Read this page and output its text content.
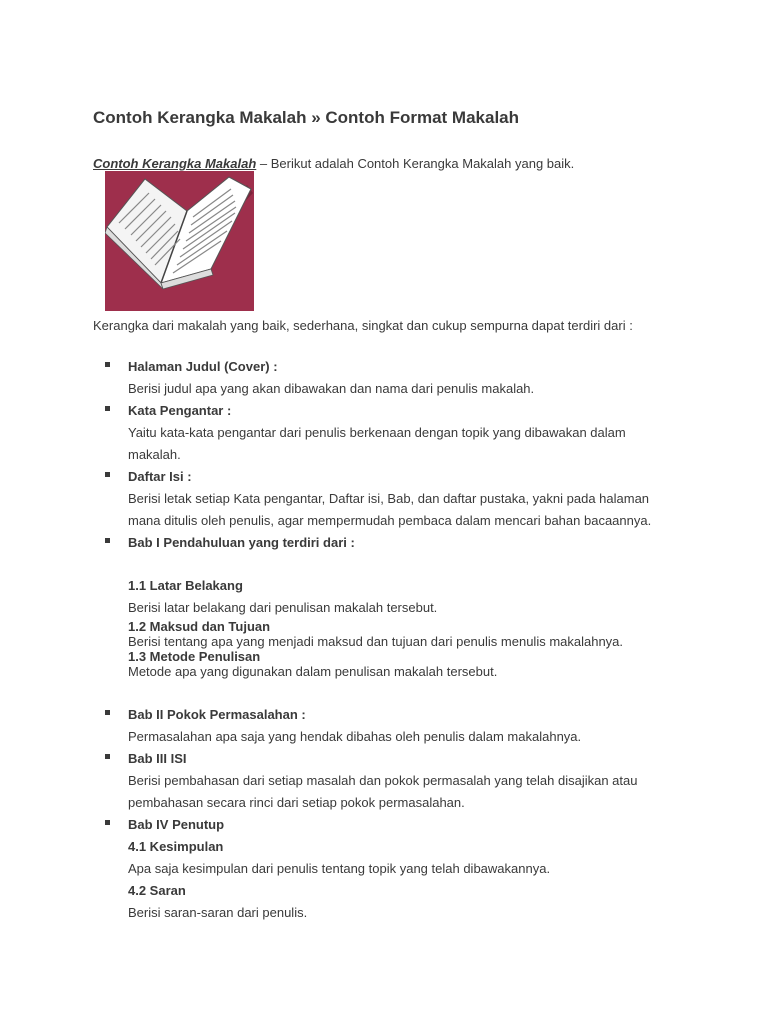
Contoh Kerangka Makalah » Contoh Format Makalah
Contoh Kerangka Makalah – Berikut adalah Contoh Kerangka Makalah yang baik.
Kerangka dari makalah yang baik, sederhana, singkat dan cukup sempurna dapat terdiri dari :
Halaman Judul (Cover) :
Berisi judul apa yang akan dibawakan dan nama dari penulis makalah.
Kata Pengantar :
Yaitu kata-kata pengantar dari penulis berkenaan dengan topik yang dibawakan dalam
makalah.
Daftar Isi :
Berisi letak setiap Kata pengantar, Daftar isi, Bab, dan daftar pustaka, yakni pada halaman
mana ditulis oleh penulis, agar mempermudah pembaca dalam mencari bahan bacaannya.
Bab I Pendahuluan yang terdiri dari :
1.1 Latar Belakang
Berisi latar belakang dari penulisan makalah tersebut.
1.2 Maksud dan Tujuan
Berisi tentang apa yang menjadi maksud dan tujuan dari penulis menulis makalahnya.
1.3 Metode Penulisan
Metode apa yang digunakan dalam penulisan makalah tersebut.
Bab II Pokok Permasalahan :
Permasalahan apa saja yang hendak dibahas oleh penulis dalam makalahnya.
Bab III ISI
Berisi pembahasan dari setiap masalah dan pokok permasalah yang telah disajikan atau
pembahasan secara rinci dari setiap pokok permasalahan.
Bab IV Penutup
4.1 Kesimpulan
Apa saja kesimpulan dari penulis tentang topik yang telah dibawakannya.
4.2 Saran
Berisi saran-saran dari penulis.
